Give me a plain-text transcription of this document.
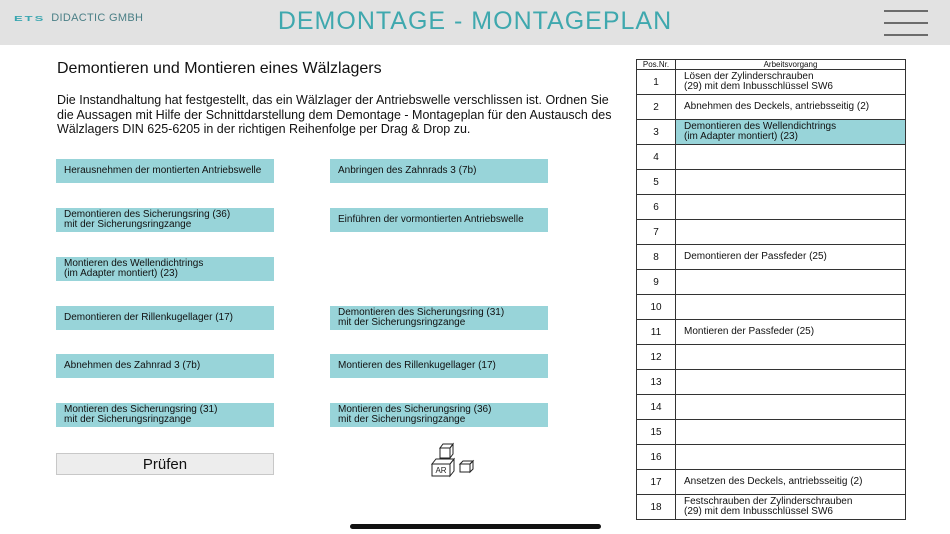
ETS DIDACTIC GMBH	DEMONTAGE - MONTAGEPLAN
Demontieren und Montieren eines Wälzlagers
Die Instandhaltung hat festgestellt, das ein Wälzlager der Antriebswelle verschlissen ist. Ordnen Sie die Aussagen mit Hilfe der Schnittdarstellung dem Demontage - Montageplan für den Austausch des Wälzlagers DIN 625-6205 in der richtigen Reihenfolge per Drag & Drop zu.
Herausnehmen der montierten Antriebswelle	Anbringen des Zahnrads 3 (7b)
Demontieren des Sicherungsring (36)
mit der Sicherungsringzange	Einführen der vormontierten Antriebswelle
Montieren des Wellendichtrings
(im Adapter montiert) (23)
Demontieren der Rillenkugellager (17)	Demontieren des Sicherungsring (31)
mit der Sicherungsringzange
Abnehmen des Zahnrad 3 (7b)	Montieren des Rillenkugellager (17)
Montieren des Sicherungsring (31)
mit der Sicherungsringzange
Montieren des Sicherungsring (36)
mit der Sicherungsringzange
Prüfen	AR
Pos.Nr.	Arbeitsvorgang
1	Lösen der Zylinderschrauben
(29) mit dem Inbusschlüssel SW6
2	Abnehmen des Deckels, antriebsseitig (2)
3	Demontieren des Wellendichtrings
(im Adapter montiert) (23)
4	
5	
6	
7	
8	Demontieren der Passfeder (25)
9	
10	
11	Montieren der Passfeder (25)
12	
13	
14	
15	
16	
17	Ansetzen des Deckels, antriebsseitig (2)
18	Festschrauben der Zylinderschrauben
(29) mit dem Inbusschlüssel SW6
